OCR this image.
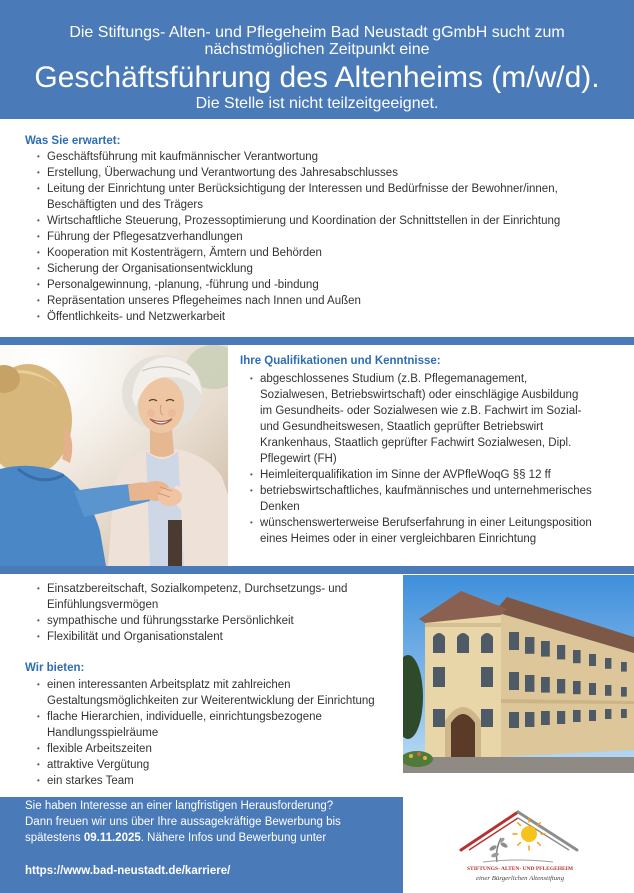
Die Stiftungs- Alten- und Pflegeheim Bad Neustadt gGmbH sucht zum
nächstmöglichen Zeitpunkt eine
Geschäftsführung des Altenheims (m/w/d).
Die Stelle ist nicht teilzeitgeeignet.
Was Sie erwartet:
• Geschäftsführung mit kaufmännischer Verantwortung
• Erstellung, Überwachung und Verantwortung des Jahresabschlusses
• Leitung der Einrichtung unter Berücksichtigung der Interessen und Bedürfnisse der Bewohner/innen,
Beschäftigten und des Trägers
• Wirtschaftliche Steuerung, Prozessoptimierung und Koordination der Schnittstellen in der Einrichtung
• Führung der Pflegesatzverhandlungen
• Kooperation mit Kostenträgern, Ämtern und Behörden
• Sicherung der Organisationsentwicklung
• Personalgewinnung, -planung, -führung und -bindung
• Repräsentation unseres Pflegeheimes nach Innen und Außen
• Öffentlichkeits- und Netzwerkarbeit
Ihre Qualifikationen und Kenntnisse:
• abgeschlossenes Studium (z.B. Pflegemanagement,
Sozialwesen, Betriebswirtschaft) oder einschlägige Ausbildung
im Gesundheits- oder Sozialwesen wie z.B. Fachwirt im Sozial-
und Gesundheitswesen, Staatlich geprüfter Betriebswirt
Krankenhaus, Staatlich geprüfter Fachwirt Sozialwesen, Dipl.
Pflegewirt (FH)
• Heimleiterqualifikation im Sinne der AVPfleWoqG §§ 12 ff
• betriebswirtschaftliches, kaufmännisches und unternehmerisches
Denken
• wünschenswerterweise Berufserfahrung in einer Leitungsposition
eines Heimes oder in einer vergleichbaren Einrichtung
• Einsatzbereitschaft, Sozialkompetenz, Durchsetzungs- und
Einfühlungsvermögen
• sympathische und führungsstarke Persönlichkeit
• Flexibilität und Organisationstalent
Wir bieten:
• einen interessanten Arbeitsplatz mit zahlreichen
Gestaltungsmöglichkeiten zur Weiterentwicklung der Einrichtung
• flache Hierarchien, individuelle, einrichtungsbezogene
Handlungsspielräume
• flexible Arbeitszeiten
• attraktive Vergütung
• ein starkes Team
Sie haben Interesse an einer langfristigen Herausforderung?
Dann freuen wir uns über Ihre aussagekräftige Bewerbung bis
spätestens 09.11.2025. Nähere Infos und Bewerbung unter
https://www.bad-neustadt.de/karriere/	STIFTUNGS- ALTEN- UND PFLEGEHEIM
einer Bürgerlichen Altenstiftung
